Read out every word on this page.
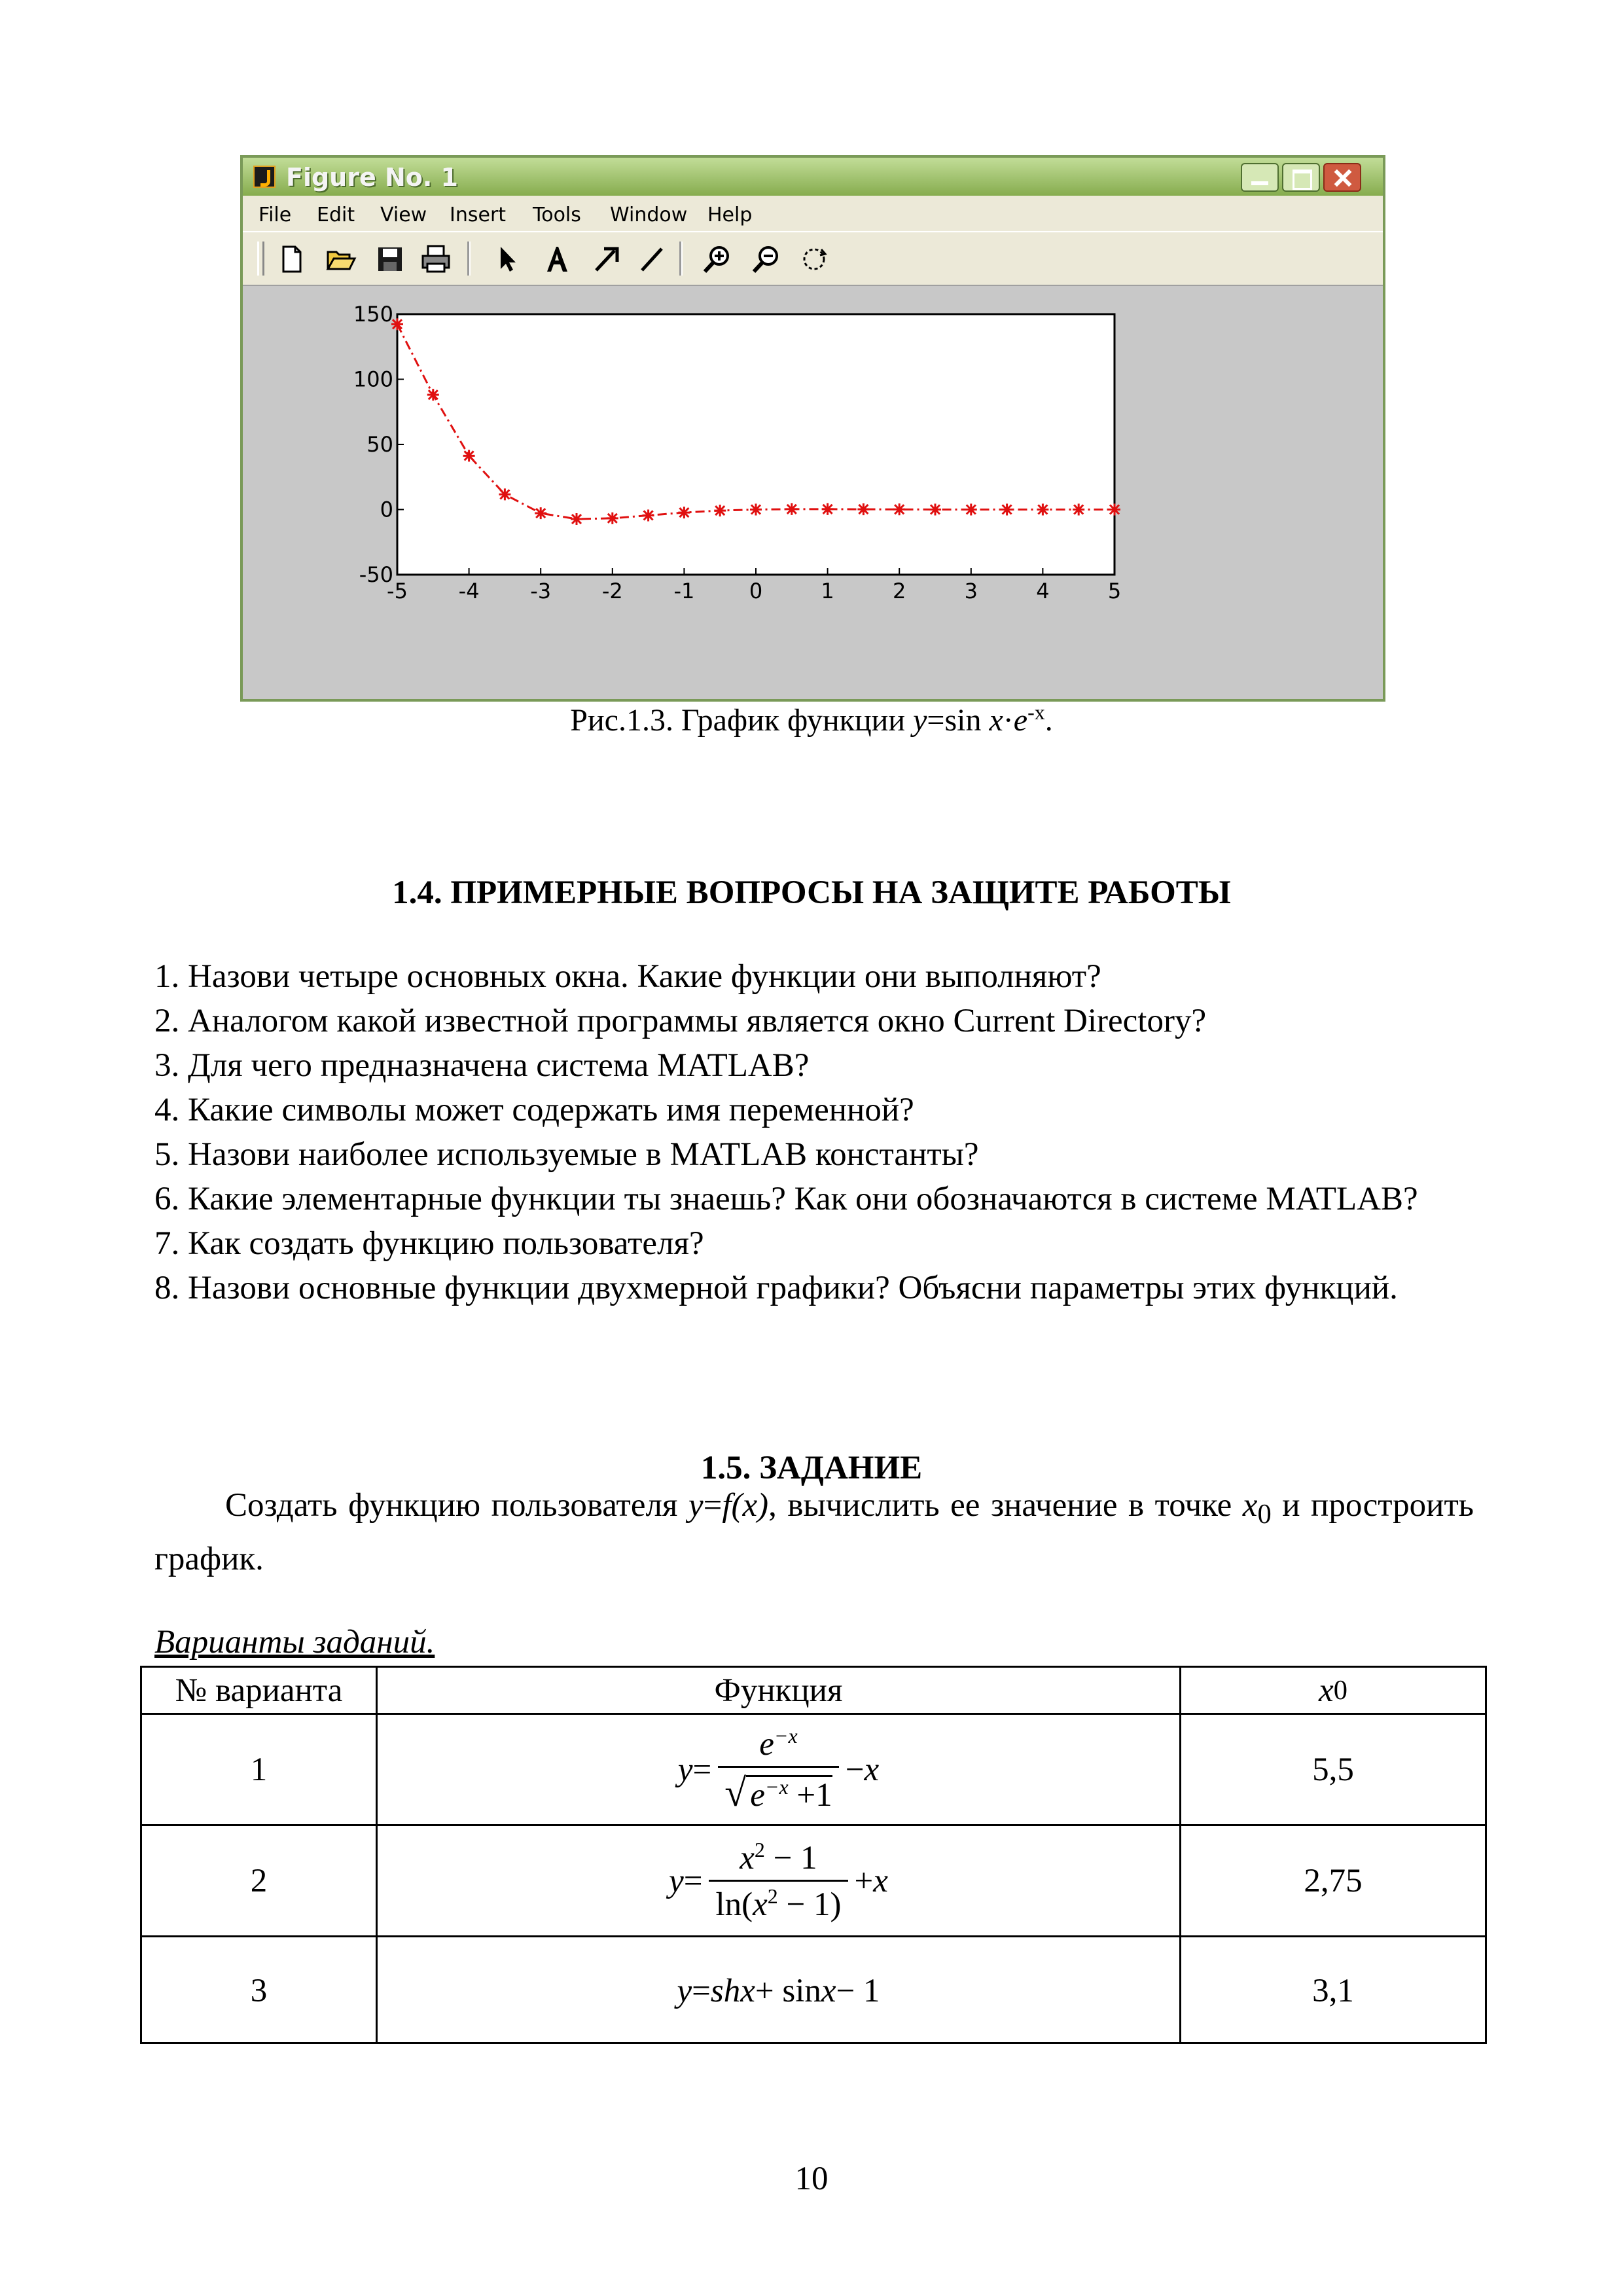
Figure No. 1
File Edit View Insert Tools Window Help
-5 -4 -3 -2 -1	0	1	2	3	4	5
150
100
50
0
-50
Рис.1.3. График функции y=sin $x\cdot e^{-x}$.
1.4. ПРИМЕРНЫЕ ВОПРОСЫ НА ЗАЩИТЕ РАБОТЫ
1. Назови четыре основных окна. Какие функции они выполняют?
2. Аналогом какой известной программы является окно Current Directory?
3. Для чего предназначена система MATLAB?
4. Какие символы может содержать имя переменной?
5. Назови наиболее используемые в MATLAB константы?
6. Какие элементарные функции ты знаешь? Как они обозначаются в системе MATLAB?
7. Как создать функцию пользователя?
8. Назови основные функции двухмерной графики? Объясни параметры этих функций.
1.5. ЗАДАНИЕ
Создать функцию пользователя y=f(x), вычислить ее значение в точке $x_0$ и простроить график.
Варианты заданий.
№ варианта	Функция	x 0
1	$y = \frac{e^{-x}}{√ e^{-x} +1} - x$	5,5
2	$y = \frac{x^2 - 1}{\ln(x^2 - 1)} + x$	2,75
3	y = shx + sin x − 1	3,1
10
